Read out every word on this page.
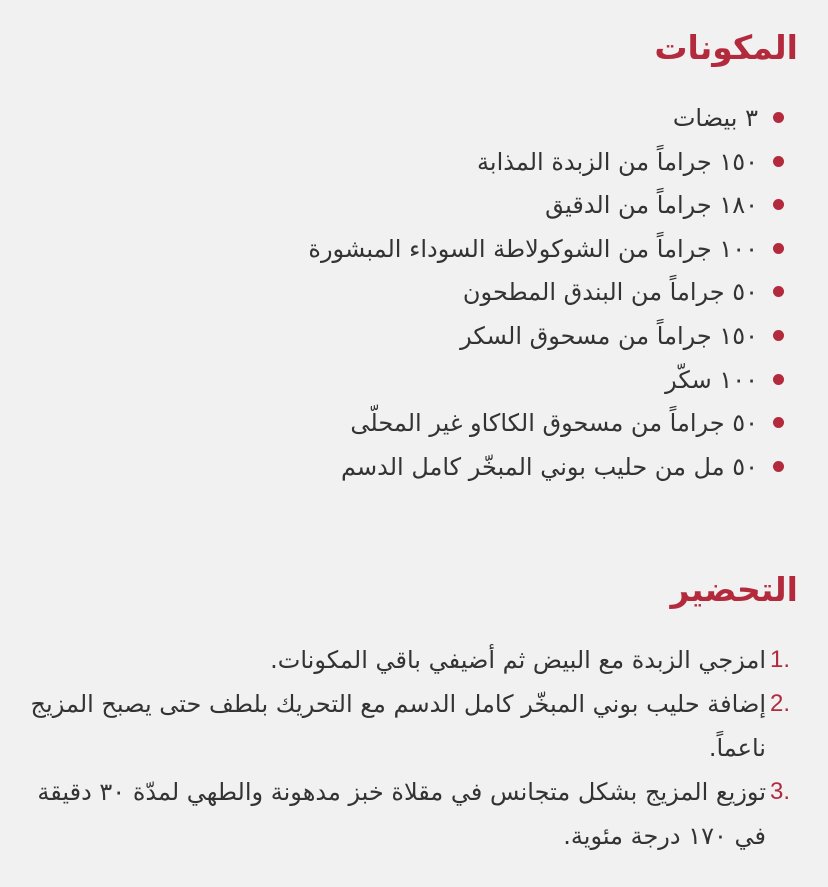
المكونات
٣ بيضات
١٥٠ جراماً من الزبدة المذابة
١٨٠ جراماً من الدقيق
١٠٠ جراماً من الشوكولاطة السوداء المبشورة
٥٠ جراماً من البندق المطحون
١٥٠ جراماً من مسحوق السكر
١٠٠ سكّر
٥٠ جراماً من مسحوق الكاكاو غير المحلّى
٥٠ مل من حليب بوني المبخّر كامل الدسم
التحضير
1.
امزجي الزبدة مع البيض ثم أضيفي باقي المكونات.
2.
إضافة حليب بوني المبخّر كامل الدسم مع التحريك بلطف حتى يصبح المزيج ناعماً.
3.
توزيع المزيج بشكل متجانس في مقلاة خبز مدهونة والطهي لمدّة ٣٠ دقيقة في ١٧٠ درجة مئوية.
